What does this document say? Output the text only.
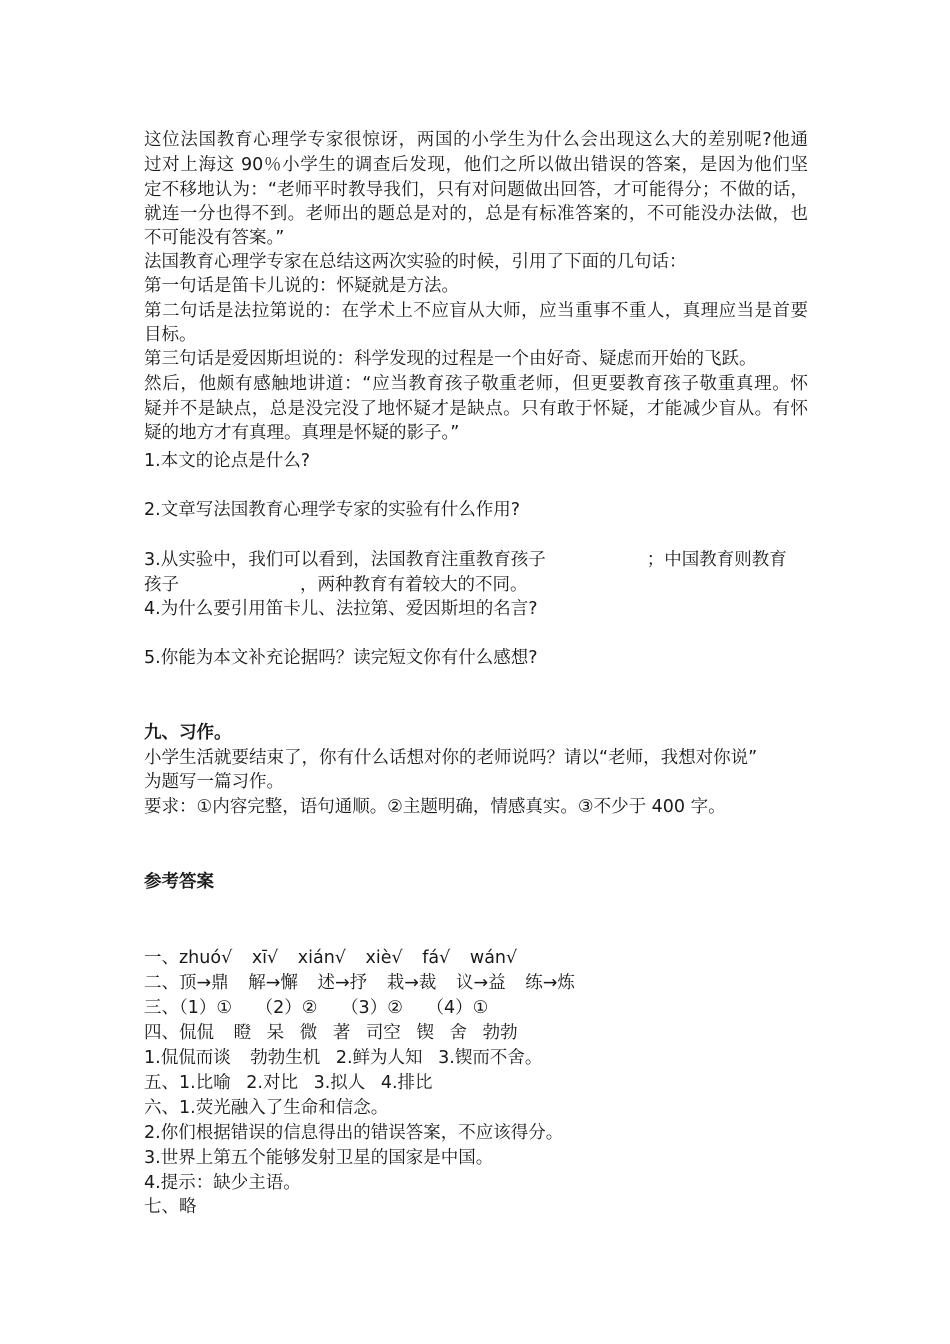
这位法国教育心理学专家很惊讶，两国的小学生为什么会出现这么大的差别呢?他通
过对上海这 90％小学生的调查后发现，他们之所以做出错误的答案，是因为他们坚
定不移地认为：“老师平时教导我们，只有对问题做出回答，才可能得分；不做的话，
就连一分也得不到。老师出的题总是对的，总是有标准答案的，不可能没办法做，也
不可能没有答案。”
法国教育心理学专家在总结这两次实验的时候，引用了下面的几句话：
第一句话是笛卡儿说的：怀疑就是方法。
第二句话是法拉第说的：在学术上不应盲从大师，应当重事不重人，真理应当是首要
目标。
第三句话是爱因斯坦说的：科学发现的过程是一个由好奇、疑虑而开始的飞跃。
然后，他颇有感触地讲道：“应当教育孩子敬重老师，但更要教育孩子敬重真理。怀
疑并不是缺点，总是没完没了地怀疑才是缺点。只有敢于怀疑，才能减少盲从。有怀
疑的地方才有真理。真理是怀疑的影子。”
1.本文的论点是什么?
2.文章写法国教育心理学专家的实验有什么作用?
3.从实验中，我们可以看到，法国教育注重教育孩子	；中国教育则教育
孩子	，两种教育有着较大的不同。
4.为什么要引用笛卡儿、法拉第、爱因斯坦的名言?
5.你能为本文补充论据吗？读完短文你有什么感想?
九、习作。
小学生活就要结束了，你有什么话想对你的老师说吗？请以“老师，我想对你说”
为题写一篇习作。
要求：①内容完整，语句通顺。②主题明确，情感真实。③不少于 400 字。
参考答案
一、zhuó√ xī√ xián√ xiè√ fá√ wán√
二、顶→鼎 解→懈 述→抒 栽→裁 议→益 练→炼
三、（1）① （2）② （3）② （4）①
四、侃侃 瞪 呆 微 著 司空 锲 舍 勃勃
1.侃侃而谈 勃勃生机 2.鲜为人知 3.锲而不舍。
五、1.比喻 2.对比 3.拟人 4.排比
六、1.荧光融入了生命和信念。
2.你们根据错误的信息得出的错误答案，不应该得分。
3.世界上第五个能够发射卫星的国家是中国。
4.提示：缺少主语。
七、略
